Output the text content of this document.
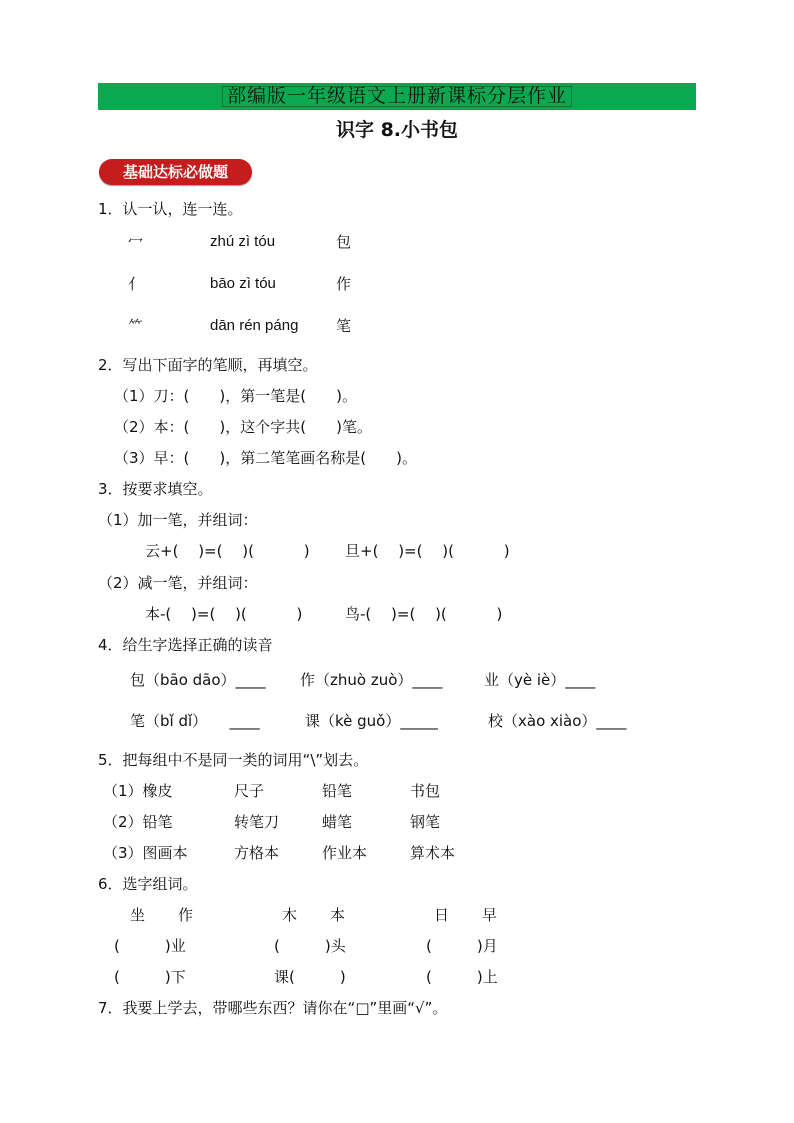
部编版一年级语文上册新课标分层作业
识字 8.小书包
基础达标必做题
1．认一认，连一连。
冖	zhú zì tóu	包
亻	bāo zì tóu	作
⺮	dān rén páng	笔
2．写出下面字的笔顺，再填空。
（1）刀：(　　)，第一笔是(　　)。
（2）本：(　　)，这个字共(　　)笔。
（3）早：(　　)，第二笔笔画名称是(　　)。
3．按要求填空。
（1）加一笔，并组词：
云+(　 )=(　 )(　　　 ) 旦+(　 )=(　 )(　　　 )
（2）减一笔，并组词：
本-(　 )=(　 )(　　　 )	鸟-(　 )=(　 )(　　　 )
4．给生字选择正确的读音
包（bāo dāo）____ 作（zhuò zuò）____	业（yè iè）____
笔（bǐ dǐ）　　____	课（kè guǒ）_____	校（xào xiào）____
5．把每组中不是同一类的词用“\”划去。
（1）橡皮	尺子	铅笔	书包
（2）铅笔	转笔刀	蜡笔	钢笔
（3）图画本	方格本	作业本	算术本
6．选字组词。
坐 作	木 本	日 早
(　　　)业	(　　　)头	(　　　)月
(　　　)下	课(　　　)	(　　　)上
7．我要上学去，带哪些东西？请你在“□”里画“√”。
